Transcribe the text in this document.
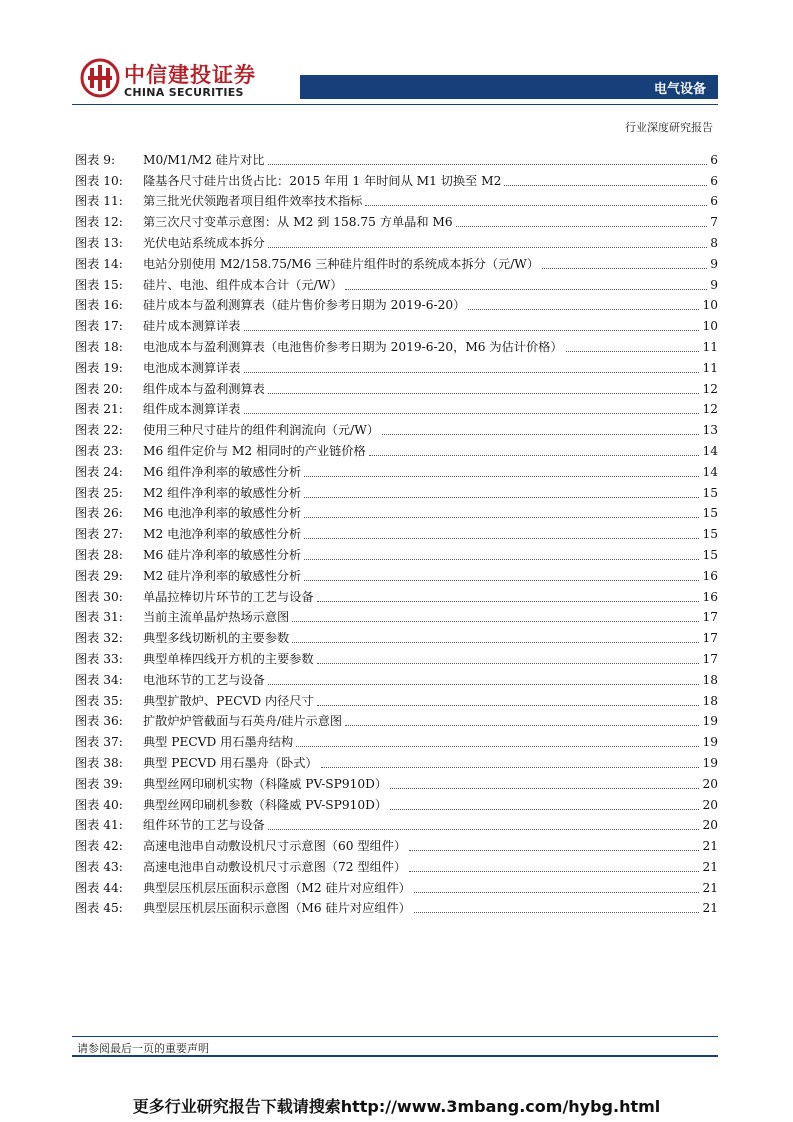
中信建投证券
CHINA SECURITIES	电气设备
行业深度研究报告
图表 9:	M0/M1/M2 硅片对比	6
图表 10:	隆基各尺寸硅片出货占比：2015 年用 1 年时间从 M1 切换至 M2	6
图表 11:	第三批光伏领跑者项目组件效率技术指标	6
图表 12:	第三次尺寸变革示意图：从 M2 到 158.75 方单晶和 M6	7
图表 13:	光伏电站系统成本拆分	8
图表 14:	电站分别使用 M2/158.75/M6 三种硅片组件时的系统成本拆分（元/W）	9
图表 15:	硅片、电池、组件成本合计（元/W）	9
图表 16:	硅片成本与盈利测算表（硅片售价参考日期为 2019-6-20）	10
图表 17:	硅片成本测算详表	10
图表 18:	电池成本与盈利测算表（电池售价参考日期为 2019-6-20，M6 为估计价格）	11
图表 19:	电池成本测算详表	11
图表 20:	组件成本与盈利测算表	12
图表 21:	组件成本测算详表	12
图表 22:	使用三种尺寸硅片的组件利润流向（元/W）	13
图表 23:	M6 组件定价与 M2 相同时的产业链价格	14
图表 24:	M6 组件净利率的敏感性分析	14
图表 25:	M2 组件净利率的敏感性分析	15
图表 26:	M6 电池净利率的敏感性分析	15
图表 27:	M2 电池净利率的敏感性分析	15
图表 28:	M6 硅片净利率的敏感性分析	15
图表 29:	M2 硅片净利率的敏感性分析	16
图表 30:	单晶拉棒切片环节的工艺与设备	16
图表 31:	当前主流单晶炉热场示意图	17
图表 32:	典型多线切断机的主要参数	17
图表 33:	典型单棒四线开方机的主要参数	17
图表 34:	电池环节的工艺与设备	18
图表 35:	典型扩散炉、PECVD 内径尺寸	18
图表 36:	扩散炉炉管截面与石英舟/硅片示意图	19
图表 37:	典型 PECVD 用石墨舟结构	19
图表 38:	典型 PECVD 用石墨舟（卧式）	19
图表 39:	典型丝网印刷机实物（科隆威 PV-SP910D）	20
图表 40:	典型丝网印刷机参数（科隆威 PV-SP910D）	20
图表 41:	组件环节的工艺与设备	20
图表 42:	高速电池串自动敷设机尺寸示意图（60 型组件）	21
图表 43:	高速电池串自动敷设机尺寸示意图（72 型组件）	21
图表 44:	典型层压机层压面积示意图（M2 硅片对应组件）	21
图表 45:	典型层压机层压面积示意图（M6 硅片对应组件）	21
请参阅最后一页的重要声明
更多行业研究报告下载请搜索http://www.3mbang.com/hybg.html
